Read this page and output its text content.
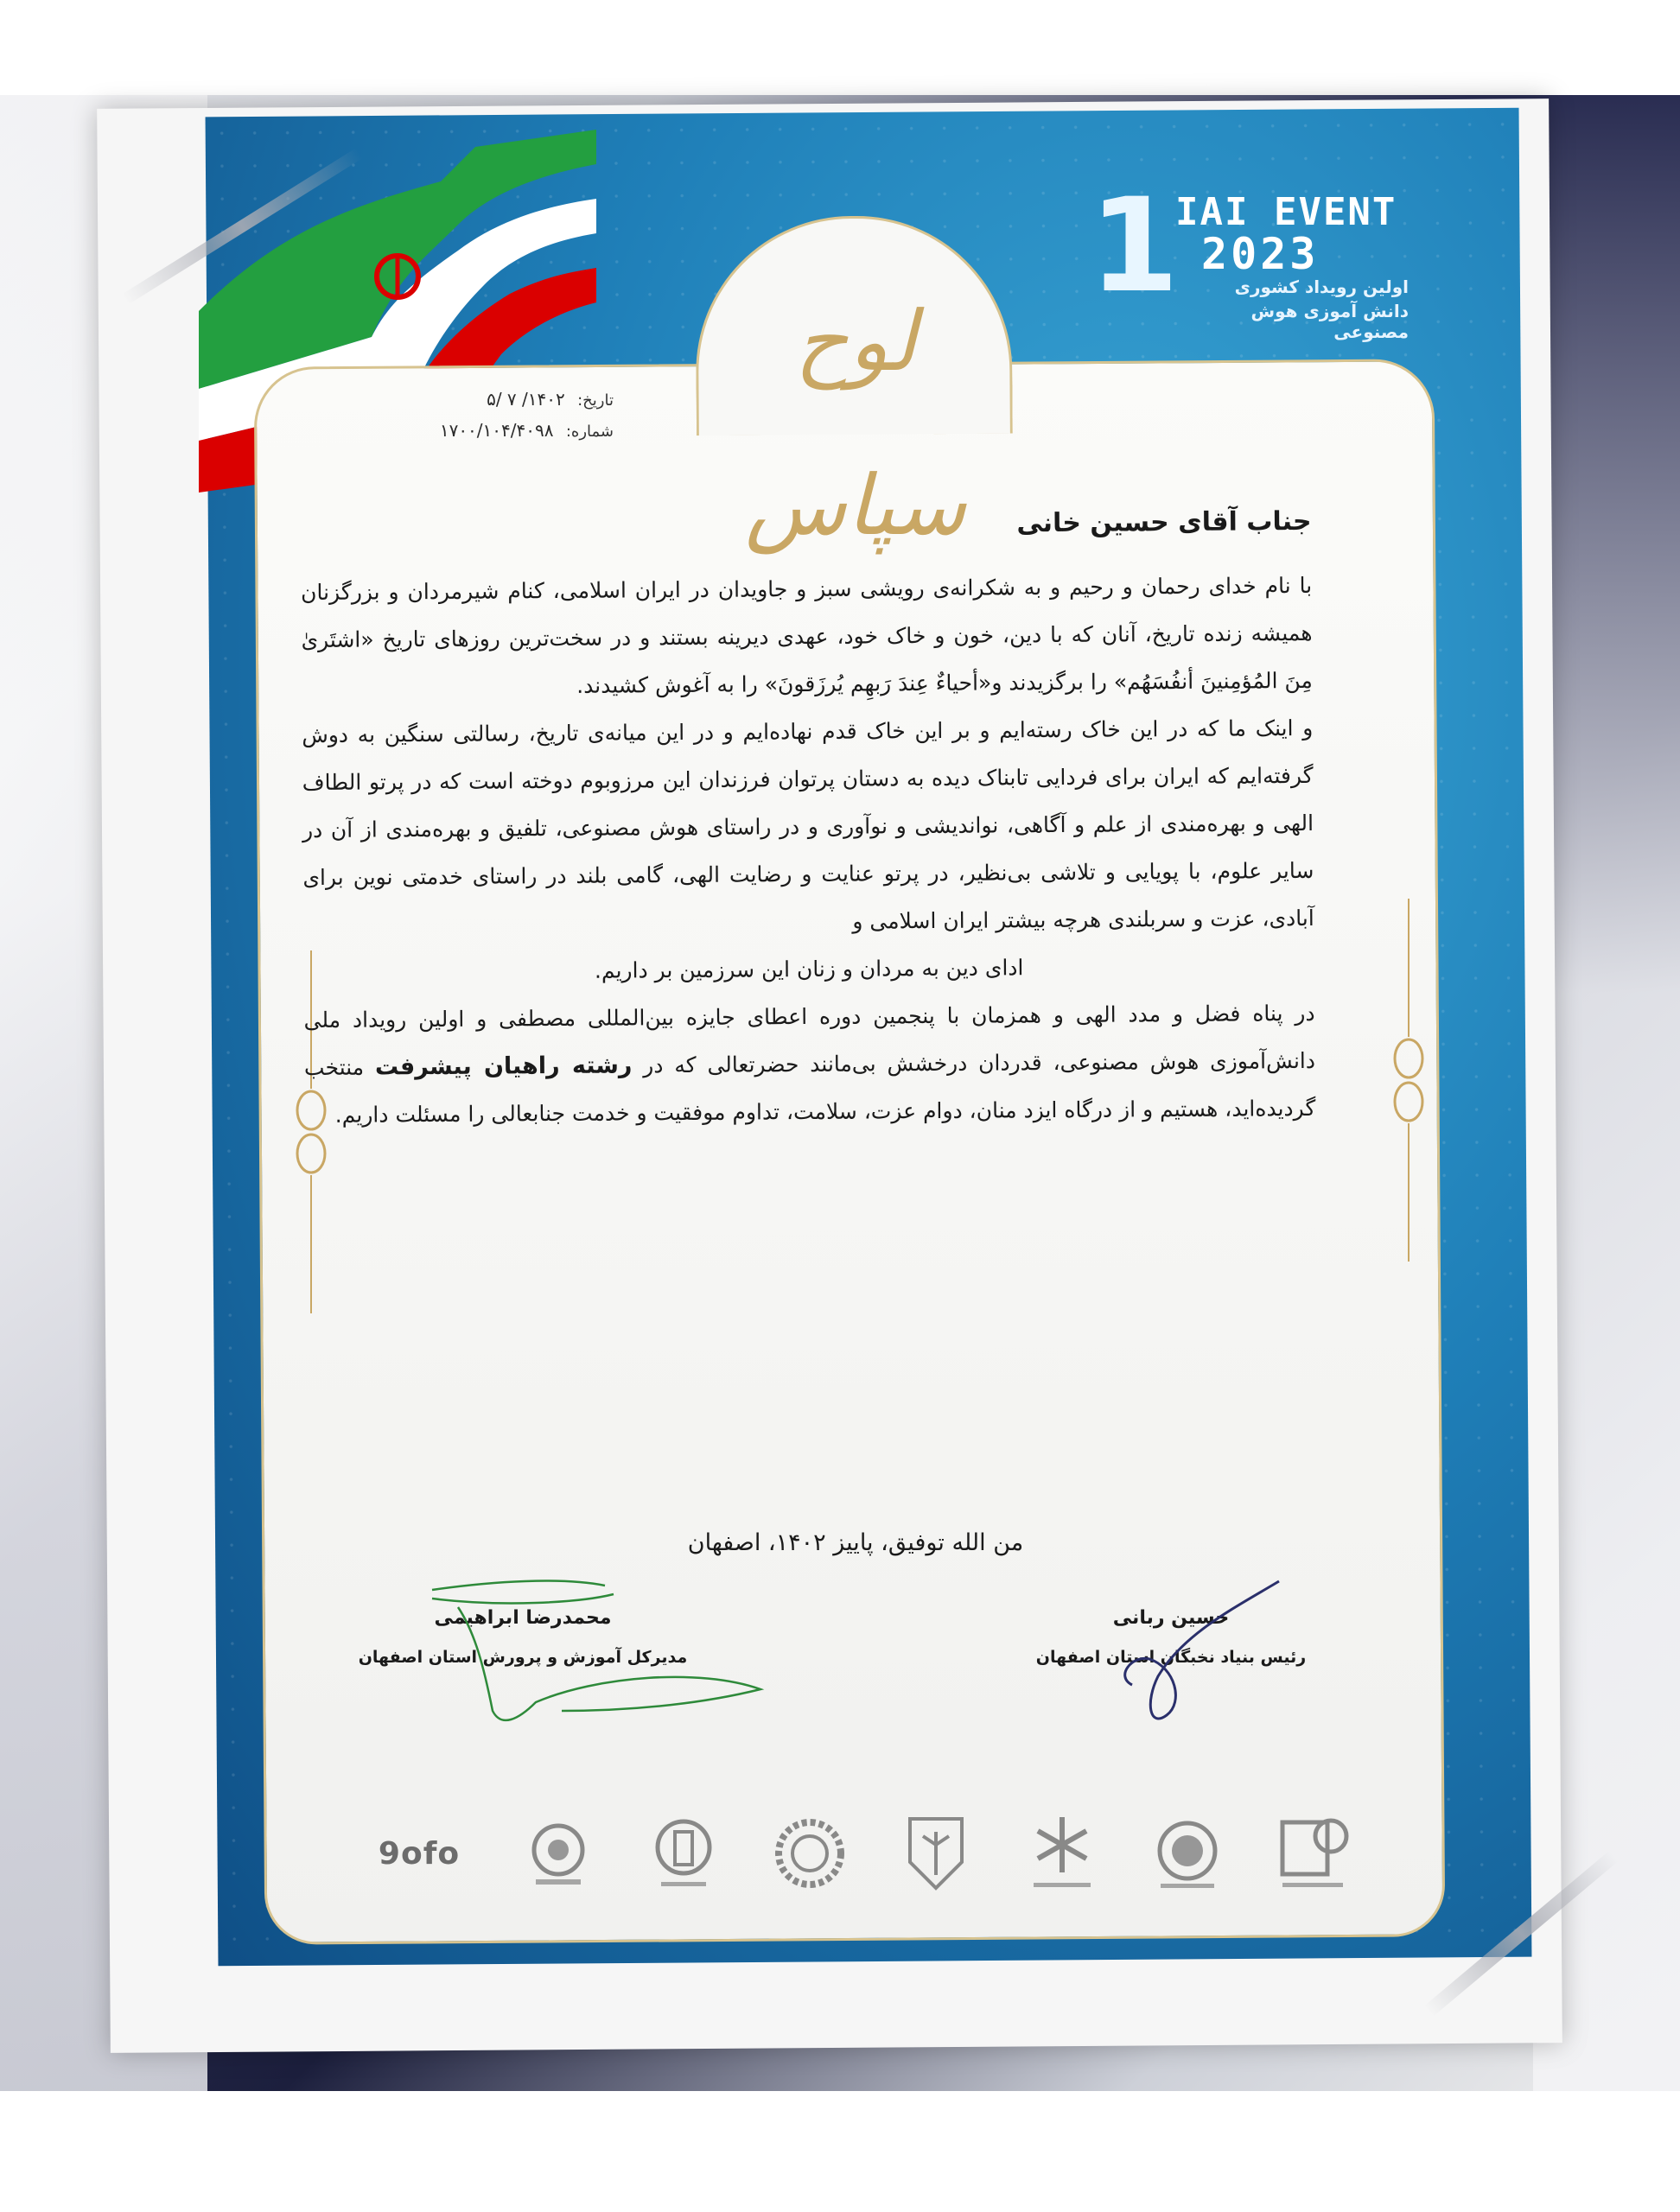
1
IAI EVENT
2023
اولین رویداد کشوری
دانش آموزی هوش مصنوعی
لوح سپاس
تاریخ: ۱۴۰۲/ ۷ /۵
شماره: ۱۷۰۰/۱۰۴/۴۰۹۸
جناب آقای حسین خانی

با نام خدای رحمان و رحیم و به شکرانه‌ی رویشی سبز و جاویدان در ایران اسلامی، کنام شیرمردان و بزرگزنان همیشه زنده تاریخ، آنان که با دین، خون و خاک خود، عهدی دیرینه بستند و در سخت‌ترین روزهای تاریخ «اشتَریٰ مِنَ المُؤمِنینَ أنفُسَهُم» را برگزیدند و«أحیاءٌ عِندَ رَبهِم یُرزَقونَ» را به آغوش کشیدند.

و اینک ما که در این خاک رسته‌ایم و بر این خاک قدم نهاده‌ایم و در این میانه‌ی تاریخ، رسالتی سنگین به دوش گرفته‌ایم که ایران برای فردایی تابناک دیده به دستان پرتوان فرزندان این مرزوبوم دوخته است که در پرتو الطاف الهی و بهره‌مندی از علم و آگاهی، نواندیشی و نوآوری و در راستای هوش مصنوعی، تلفیق و بهره‌مندی از آن در سایر علوم، با پویایی و تلاشی بی‌نظیر، در پرتو عنایت و رضایت الهی، گامی بلند در راستای خدمتی نوین برای آبادی، عزت و سربلندی هرچه بیشتر ایران اسلامی و

ادای دین به مردان و زنان این سرزمین بر داریم.

در پناه فضل و مدد الهی و همزمان با پنجمین دوره اعطای جایزه بین‌المللی مصطفی و اولین رویداد ملی دانش‌آموزی هوش مصنوعی، قدردان درخشش بی‌مانند حضرتعالی که در رشته راهیان پیشرفت منتخب گردیده‌اید، هستیم و از درگاه ایزد منان، دوام عزت، سلامت، تداوم موفقیت و خدمت جنابعالی را مسئلت داریم.

من الله توفیق، پاییز ۱۴۰۲، اصفهان
حسین ربانی
رئیس بنیاد نخبگان استان اصفهان
محمدرضا ابراهیمی
مدیرکل آموزش و پرورش استان اصفهان
9ofo
